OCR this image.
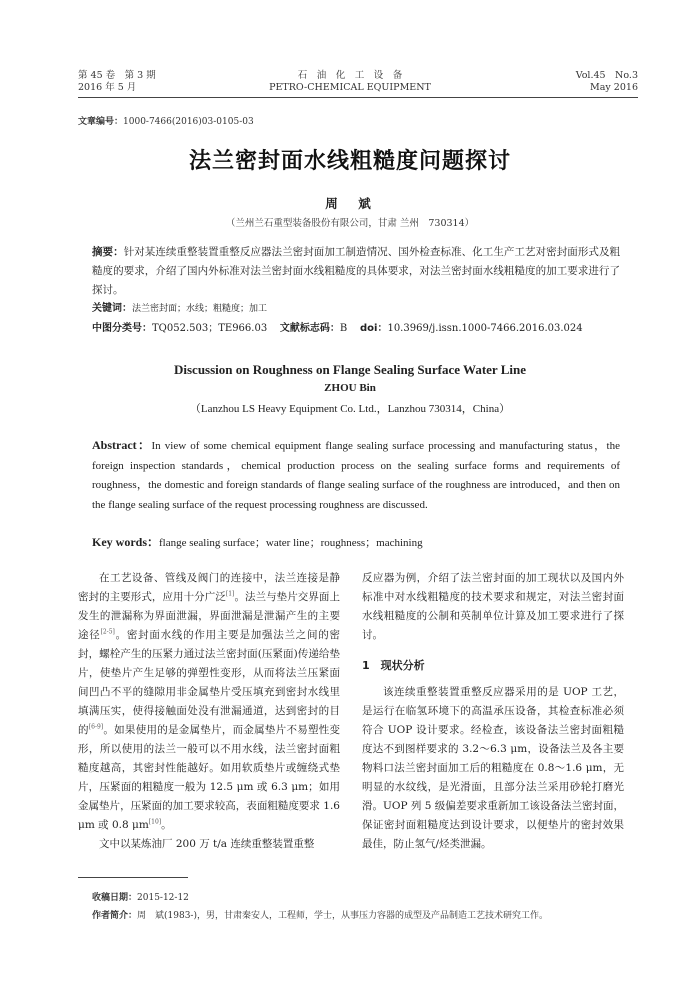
第 45 卷　第 3 期
2016 年 5 月
石　油　化　工　设　备
PETRO-CHEMICAL EQUIPMENT
Vol.45　No.3
May 2016
文章编号：1000-7466(2016)03-0105-03
法兰密封面水线粗糙度问题探讨
周　斌
（兰州兰石重型装备股份有限公司，甘肃 兰州　730314）
摘要：针对某连续重整装置重整反应器法兰密封面加工制造情况、国外检查标准、化工生产工艺对密封面形式及粗糙度的要求，介绍了国内外标准对法兰密封面水线粗糙度的具体要求，对法兰密封面水线粗糙度的加工要求进行了探讨。
关键词：法兰密封面；水线；粗糙度；加工
中图分类号：TQ052.503；TE966.03 文献标志码：B doi：10.3969/j.issn.1000-7466.2016.03.024
Discussion on Roughness on Flange Sealing Surface Water Line
ZHOU Bin
（Lanzhou LS Heavy Equipment Co. Ltd.，Lanzhou 730314，China）
Abstract：In view of some chemical equipment flange sealing surface processing and manufacturing status，the foreign inspection standards，chemical production process on the sealing surface forms and requirements of roughness，the domestic and foreign standards of flange sealing surface of the roughness are introduced，and then on the flange sealing surface of the request processing roughness are discussed.
Key words：flange sealing surface；water line；roughness；machining

在工艺设备、管线及阀门的连接中，法兰连接是静密封的主要形式，应用十分广泛[1]。法兰与垫片交界面上发生的泄漏称为界面泄漏，界面泄漏是泄漏产生的主要途径[2-5]。密封面水线的作用主要是加强法兰之间的密封，螺栓产生的压紧力通过法兰密封面(压紧面)传递给垫片，使垫片产生足够的弹塑性变形，从而将法兰压紧面间凹凸不平的缝隙用非金属垫片受压填充到密封水线里填满压实，使得接触面处没有泄漏通道，达到密封的目的[6-9]。如果使用的是金属垫片，而金属垫片不易塑性变形，所以使用的法兰一般可以不用水线，法兰密封面粗糙度越高，其密封性能越好。如用软质垫片或缠绕式垫片，压紧面的粗糙度一般为 12.5 μm 或 6.3 μm；如用金属垫片，压紧面的加工要求较高，表面粗糙度要求 1.6 μm 或 0.8 μm[10]。

文中以某炼油厂 200 万 t/a 连续重整装置重整

反应器为例，介绍了法兰密封面的加工现状以及国内外标准中对水线粗糙度的技术要求和规定，对法兰密封面水线粗糙度的公制和英制单位计算及加工要求进行了探讨。

1　现状分析

该连续重整装置重整反应器采用的是 UOP 工艺，是运行在临氢环境下的高温承压设备，其检查标准必须符合 UOP 设计要求。经检查，该设备法兰密封面粗糙度达不到图样要求的 3.2～6.3 μm，设备法兰及各主要物料口法兰密封面加工后的粗糙度在 0.8～1.6 μm，无明显的水纹线，是光滑面，且部分法兰采用砂轮打磨光滑。UOP 列 5 级偏差要求重新加工该设备法兰密封面，保证密封面粗糙度达到设计要求，以便垫片的密封效果最佳，防止氢气/烃类泄漏。

收稿日期：2015-12-12
作者简介：周　斌(1983-)，男，甘肃秦安人，工程师，学士，从事压力容器的成型及产品制造工艺技术研究工作。
